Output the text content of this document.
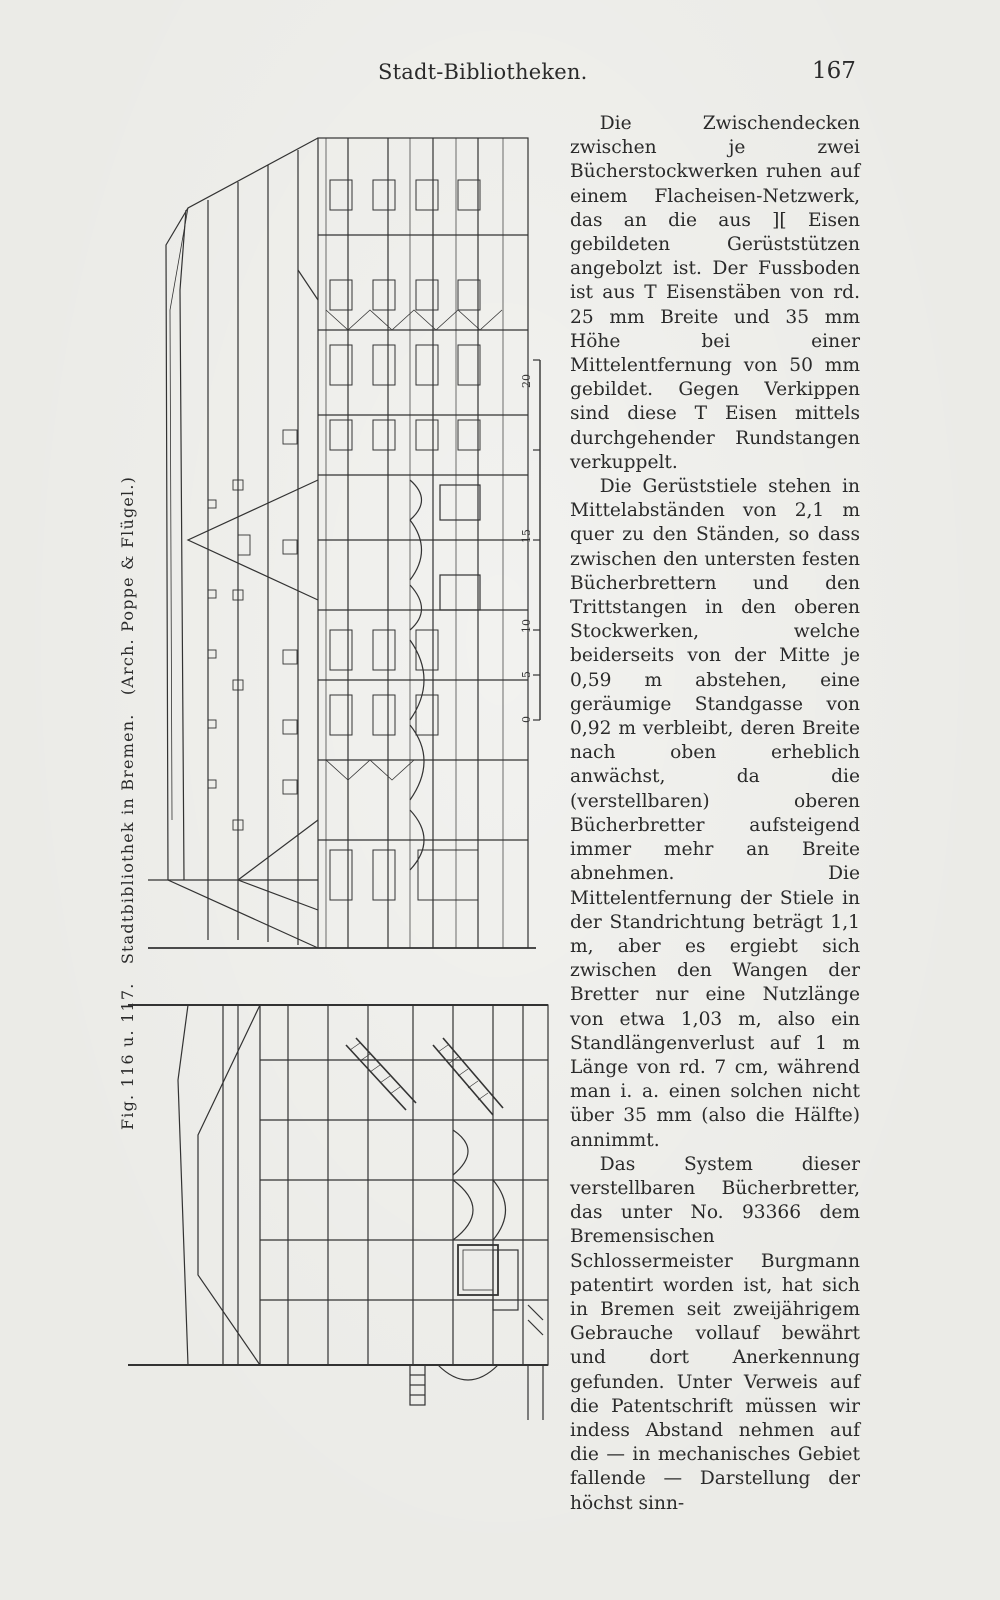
Stadt-Bibliotheken.	167
Fig. 116 u. 117. Stadtbibliothek in Bremen. (Arch. Poppe & Flügel.)
0
5
10
15
20

Die Zwischendecken zwischen je zwei Bücherstockwerken ruhen auf einem Flacheisen-Netzwerk, das an die aus ][ Eisen gebildeten Gerüststützen angebolzt ist. Der Fussboden ist aus T Eisenstäben von rd. 25 mm Breite und 35 mm Höhe bei einer Mittelentfernung von 50 mm gebildet. Gegen Verkippen sind diese T Eisen mittels durchgehender Rundstangen verkuppelt.

Die Gerüststiele stehen in Mittelabständen von 2,1 m quer zu den Ständen, so dass zwischen den untersten festen Bücherbrettern und den Trittstangen in den oberen Stockwerken, welche beiderseits von der Mitte je 0,59 m abstehen, eine geräumige Standgasse von 0,92 m verbleibt, deren Breite nach oben erheblich anwächst, da die (verstellbaren) oberen Bücherbretter aufsteigend immer mehr an Breite abnehmen. Die Mittelentfernung der Stiele in der Standrichtung beträgt 1,1 m, aber es ergiebt sich zwischen den Wangen der Bretter nur eine Nutzlänge von etwa 1,03 m, also ein Standlängenverlust auf 1 m Länge von rd. 7 cm, während man i. a. einen solchen nicht über 35 mm (also die Hälfte) annimmt.

Das System dieser verstellbaren Bücherbretter, das unter No. 93366 dem Bremensischen Schlossermeister Burgmann patentirt worden ist, hat sich in Bremen seit zweijährigem Gebrauche vollauf bewährt und dort Anerkennung gefunden. Unter Verweis auf die Patentschrift müssen wir indess Abstand nehmen auf die — in mechanisches Gebiet fallende — Darstellung der höchst sinn-
